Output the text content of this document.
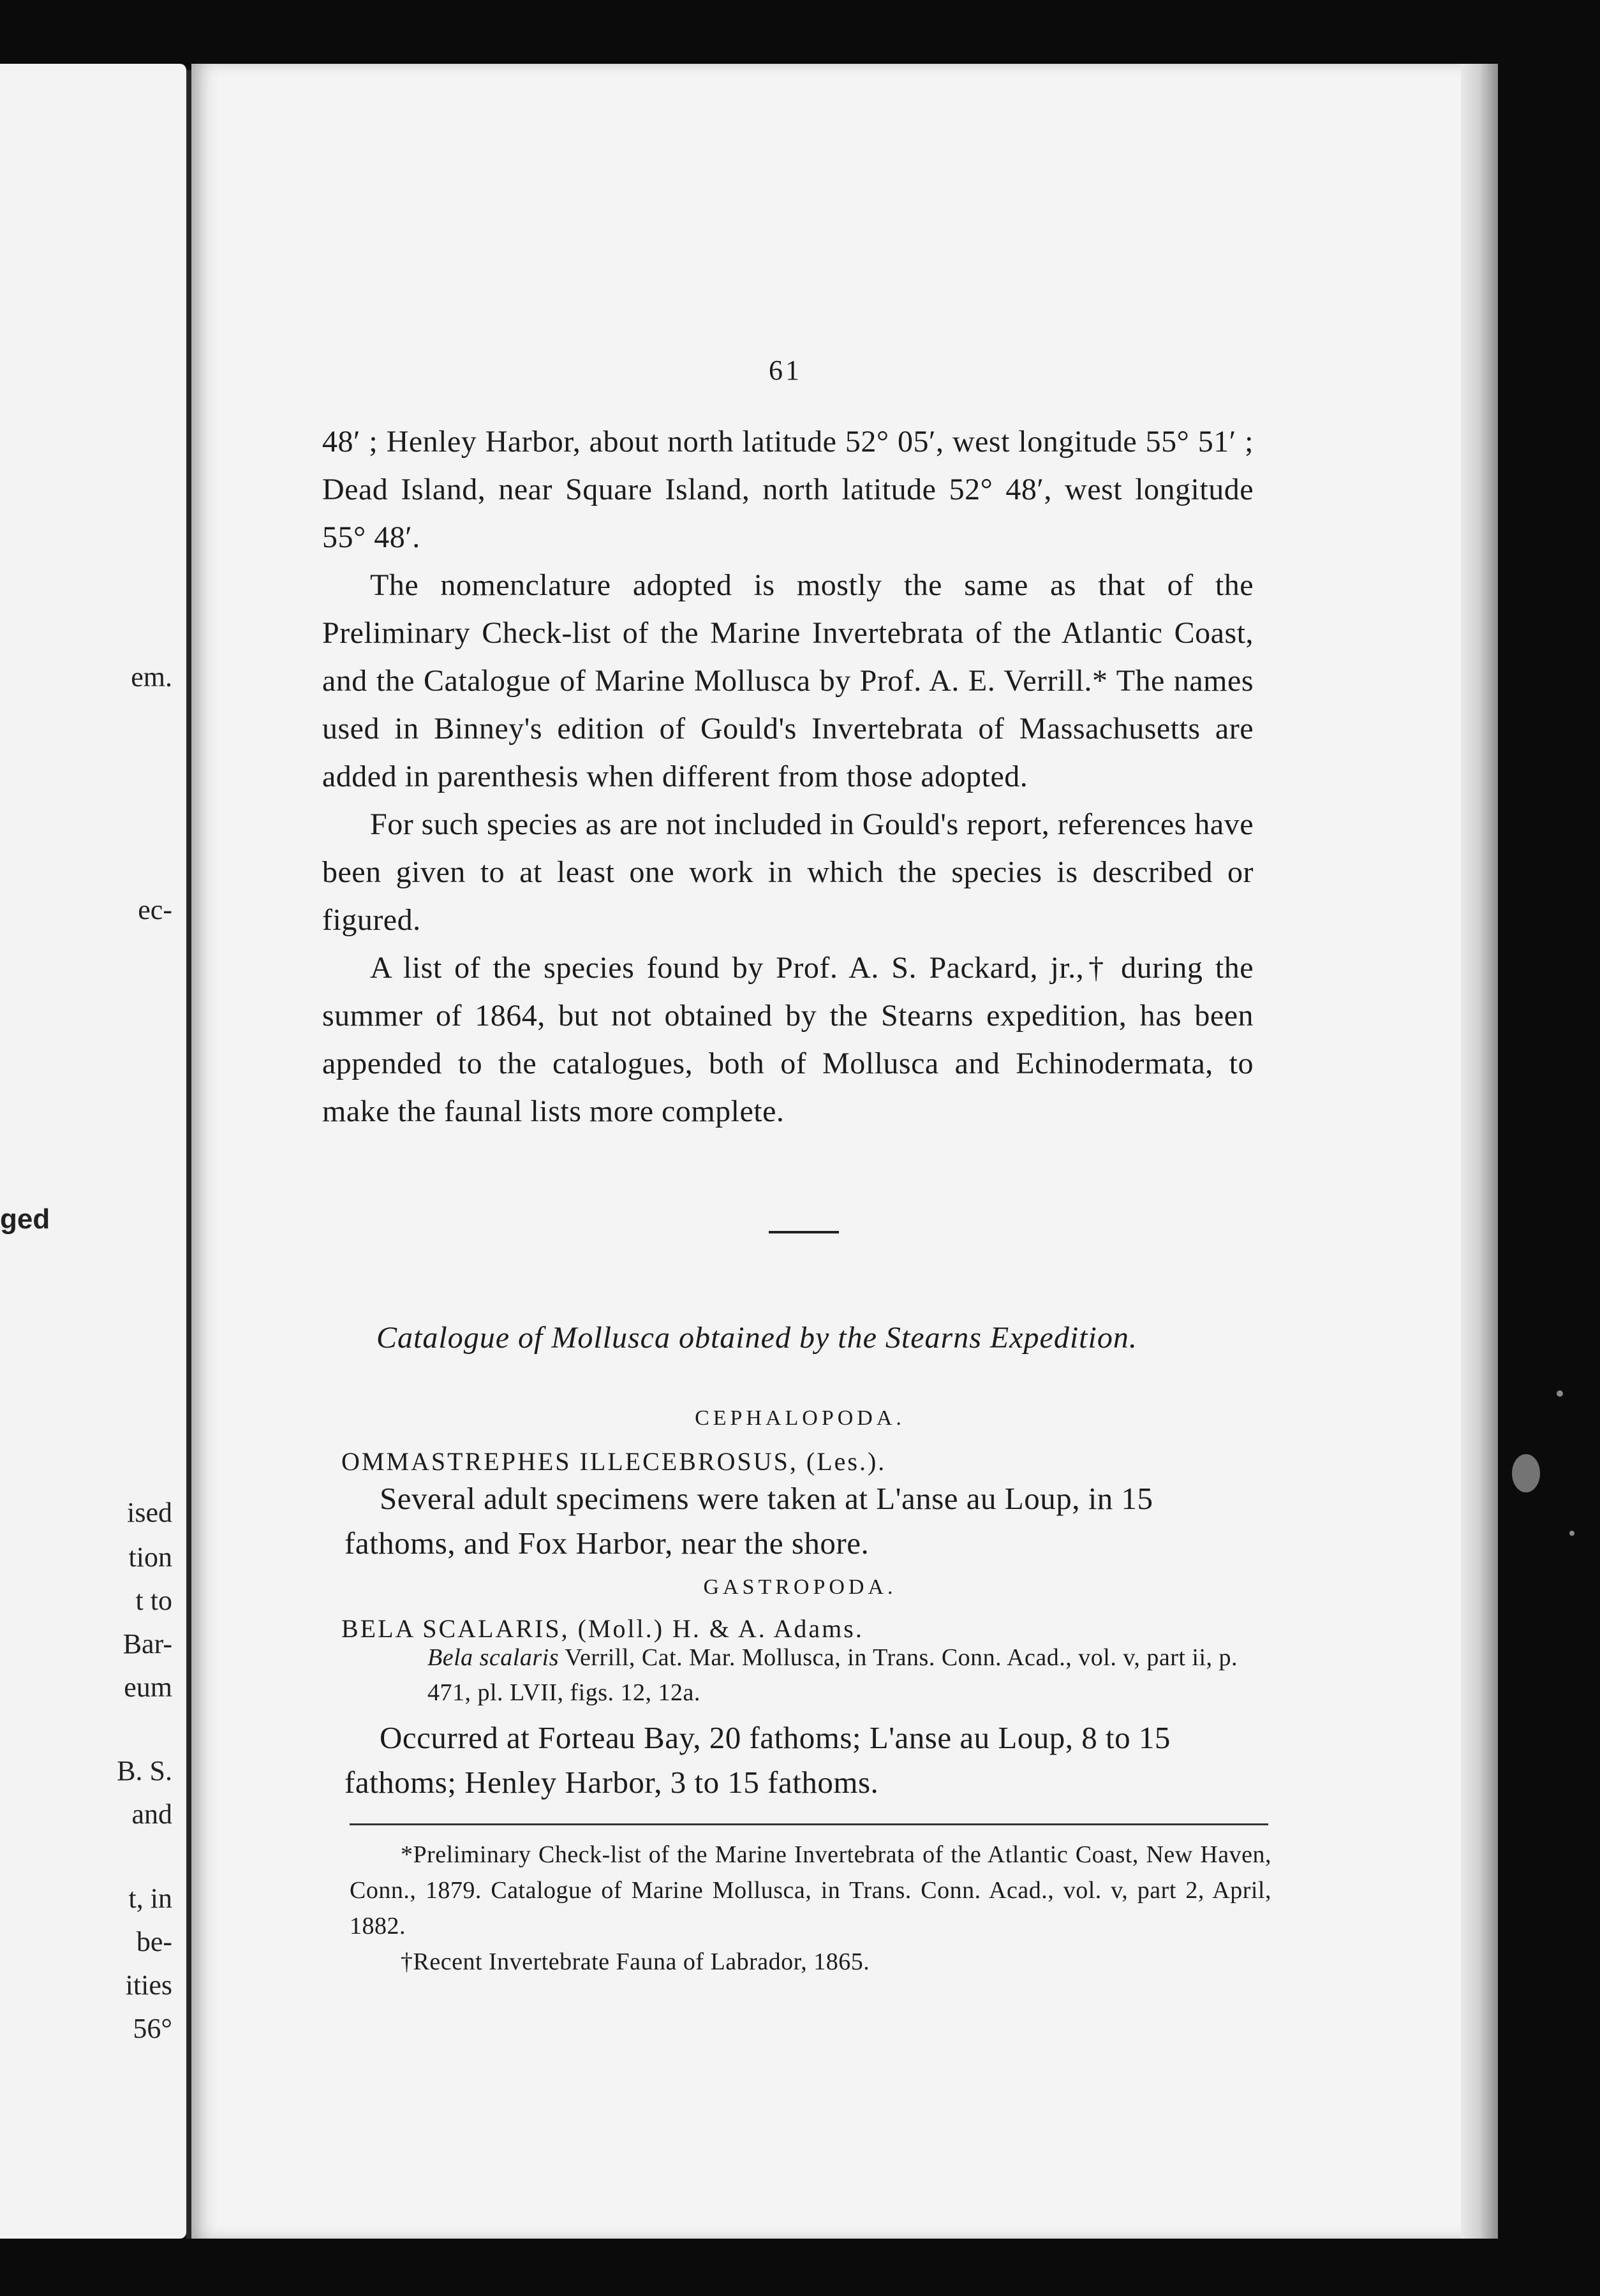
em.
ec-
ged
ised
tion
t to
Bar-
eum
B. S.
and
t, in
be-
ities
56°
61

48′ ; Henley Harbor, about north latitude 52° 05′, west longitude 55° 51′ ; Dead Island, near Square Island, north latitude 52° 48′, west longitude 55° 48′.

The nomenclature adopted is mostly the same as that of the Preliminary Check-list of the Marine Invertebrata of the Atlantic Coast, and the Catalogue of Marine Mollusca by Prof. A. E. Verrill.* The names used in Binney's edition of Gould's Invertebrata of Massachusetts are added in parenthesis when different from those adopted.

For such species as are not included in Gould's report, references have been given to at least one work in which the species is described or figured.

A list of the species found by Prof. A. S. Packard, jr.,† during the summer of 1864, but not obtained by the Stearns expedition, has been appended to the catalogues, both of Mollusca and Echinodermata, to make the faunal lists more complete.

Catalogue of Mollusca obtained by the Stearns Expedition.
CEPHALOPODA.
OMMASTREPHES ILLECEBROSUS, (Les.).

Several adult specimens were taken at L'anse au Loup, in 15 fathoms, and Fox Harbor, near the shore.

GASTROPODA.
BELA SCALARIS, (Moll.) H. & A. Adams.
Bela scalaris Verrill, Cat. Mar. Mollusca, in Trans. Conn. Acad., vol. v, part ii, p. 471, pl. LVII, figs. 12, 12a.

Occurred at Forteau Bay, 20 fathoms; L'anse au Loup, 8 to 15 fathoms; Henley Harbor, 3 to 15 fathoms.

*Preliminary Check-list of the Marine Invertebrata of the Atlantic Coast, New Haven, Conn., 1879. Catalogue of Marine Mollusca, in Trans. Conn. Acad., vol. v, part 2, April, 1882.

†Recent Invertebrate Fauna of Labrador, 1865.
